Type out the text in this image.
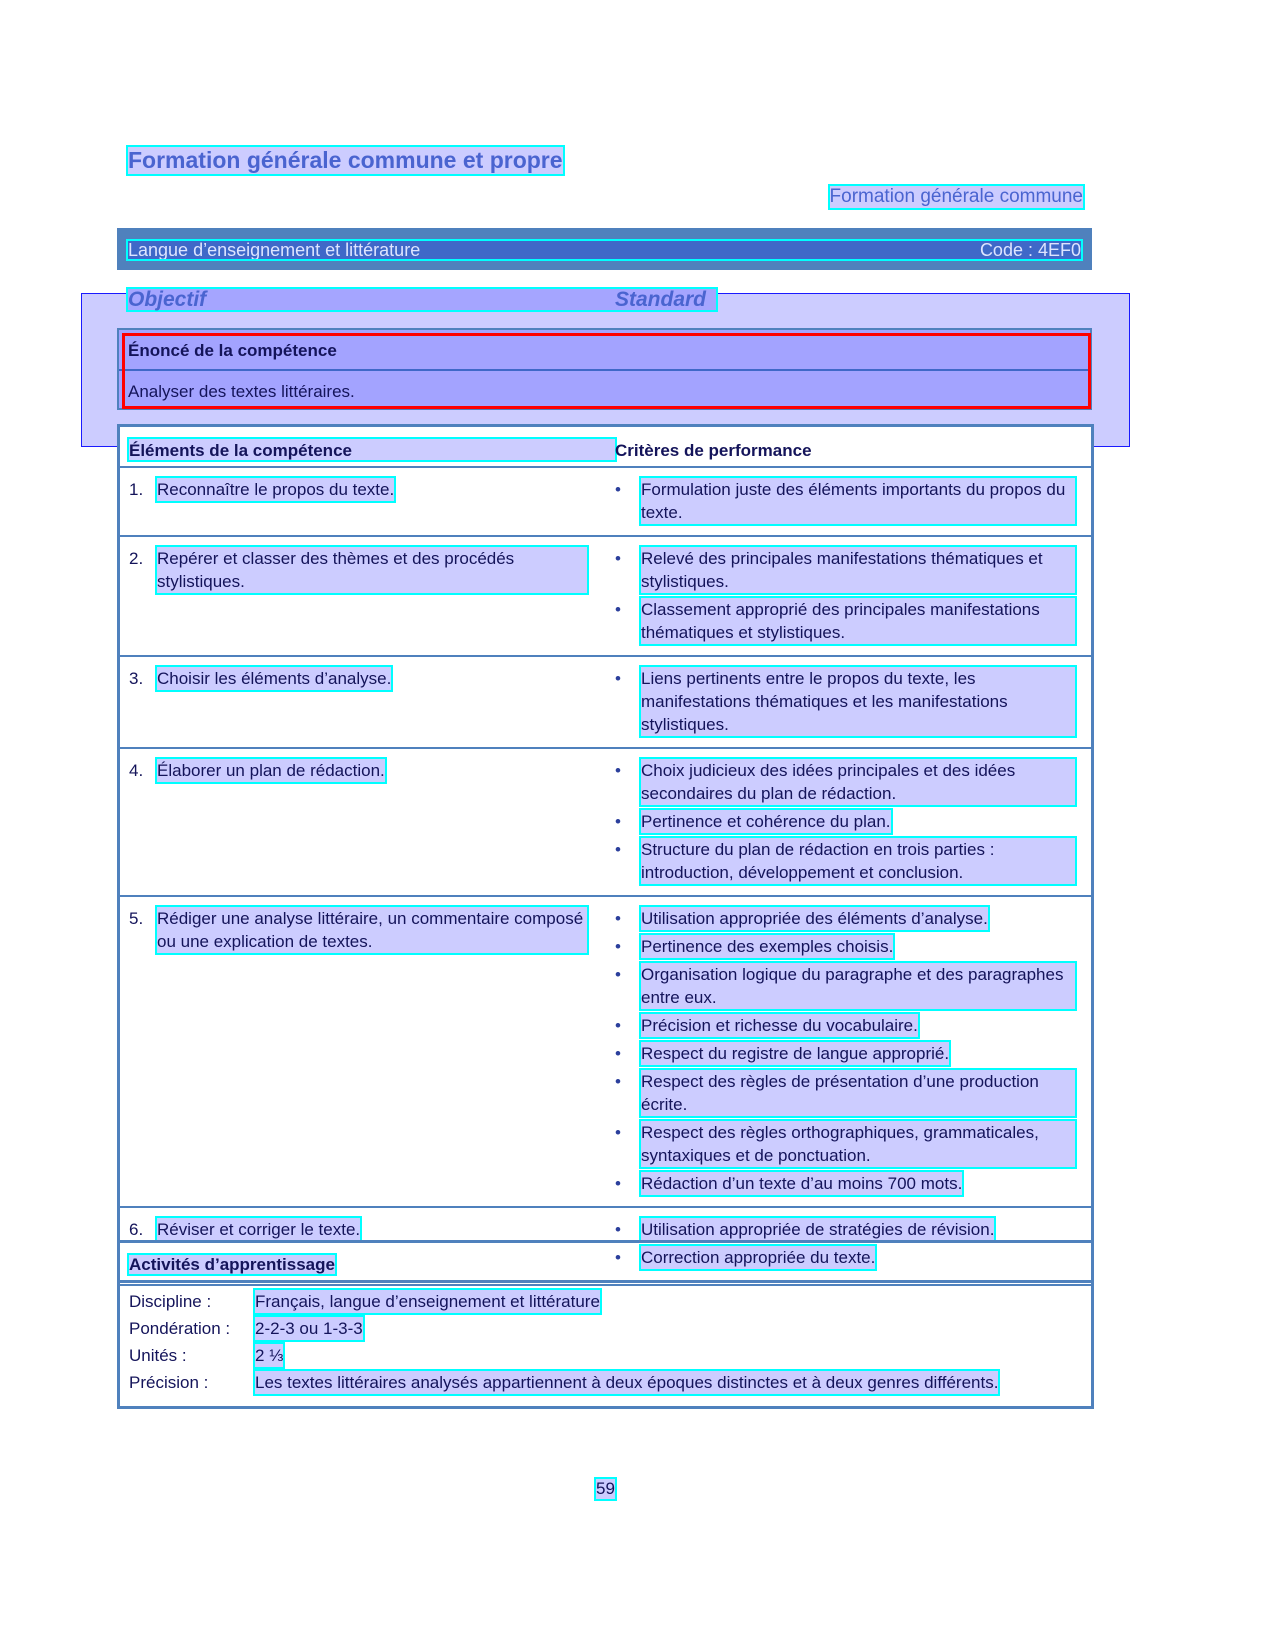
Formation générale commune et propre
Formation générale commune
Langue d’enseignement et littérature	Code : 4EF0
Objectif	Standard
Énoncé de la compétence
Analyser des textes littéraires.
Éléments de la compétence	Critères de performance
1. Reconnaître le propos du texte.	•	Formulation juste des éléments importants du propos du texte.
2. Repérer et classer des thèmes et des procédés stylistiques.
•	Relevé des principales manifestations thématiques et stylistiques.
•	Classement approprié des principales manifestations thématiques et stylistiques.
3. Choisir les éléments d’analyse.	•	Liens pertinents entre le propos du texte, les manifestations thématiques et les manifestations stylistiques.
4. Élaborer un plan de rédaction.	•	Choix judicieux des idées principales et des idées secondaires du plan de rédaction.
•	Pertinence et cohérence du plan.
•	Structure du plan de rédaction en trois parties : introduction, développement et conclusion.
5. Rédiger une analyse littéraire, un commentaire composé ou une explication de textes.
•	Utilisation appropriée des éléments d’analyse.
•	Pertinence des exemples choisis.
•	Organisation logique du paragraphe et des paragraphes entre eux.
•	Précision et richesse du vocabulaire.
•	Respect du registre de langue approprié.
•	Respect des règles de présentation d’une production écrite.
•	Respect des règles orthographiques, grammaticales, syntaxiques et de ponctuation.
•	Rédaction d’un texte d’au moins 700 mots.
6. Réviser et corriger le texte.	•	Utilisation appropriée de stratégies de révision.
•	Correction appropriée du texte.
Activités d’apprentissage
Discipline :	Français, langue d’enseignement et littérature
Pondération :	2-2-3 ou 1-3-3
Unités :	2 ⅓
Précision :	Les textes littéraires analysés appartiennent à deux époques distinctes et à deux genres différents.
59
